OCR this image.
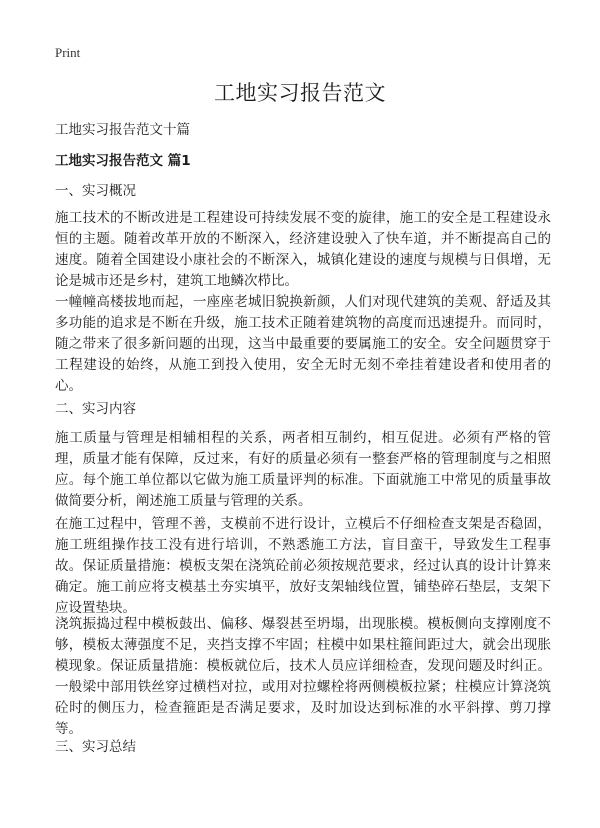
Print
工地实习报告范文
工地实习报告范文十篇
工地实习报告范文 篇1
一、实习概况

施工技术的不断改进是工程建设可持续发展不变的旋律，施工的安全是工程建设永恒的主题。随着改革开放的不断深入，经济建设驶入了快车道，并不断提高自己的速度。随着全国建设小康社会的不断深入，城镇化建设的速度与规模与日俱增，无论是城市还是乡村，建筑工地鳞次栉比。

一幢幢高楼拔地而起，一座座老城旧貌换新颜，人们对现代建筑的美观、舒适及其多功能的追求是不断在升级，施工技术正随着建筑物的高度而迅速提升。而同时，随之带来了很多新问题的出现，这当中最重要的要属施工的安全。安全问题贯穿于工程建设的始终，从施工到投入使用，安全无时无刻不牵挂着建设者和使用者的心。

二、实习内容

施工质量与管理是相辅相程的关系，两者相互制约，相互促进。必须有严格的管理，质量才能有保障，反过来，有好的质量必须有一整套严格的管理制度与之相照应。每个施工单位都以它做为施工质量评判的标准。下面就施工中常见的质量事故做简要分析，阐述施工质量与管理的关系。

在施工过程中，管理不善，支模前不进行设计，立模后不仔细检查支架是否稳固，施工班组操作技工没有进行培训，不熟悉施工方法，盲目蛮干，导致发生工程事故。保证质量措施：模板支架在浇筑砼前必须按规范要求，经过认真的设计计算来确定。施工前应将支模基土夯实填平，放好支架轴线位置，铺垫碎石垫层，支架下应设置垫块。

浇筑振捣过程中模板鼓出、偏移、爆裂甚至坍塌，出现胀模。模板侧向支撑刚度不够，模板太薄强度不足，夹挡支撑不牢固；柱模中如果柱箍间距过大，就会出现胀模现象。保证质量措施：模板就位后，技术人员应详细检查，发现问题及时纠正。一般梁中部用铁丝穿过横档对拉，或用对拉螺栓将两侧模板拉紧；柱模应计算浇筑砼时的侧压力，检查箍距是否满足要求，及时加设达到标准的水平斜撑、剪刀撑等。

三、实习总结
